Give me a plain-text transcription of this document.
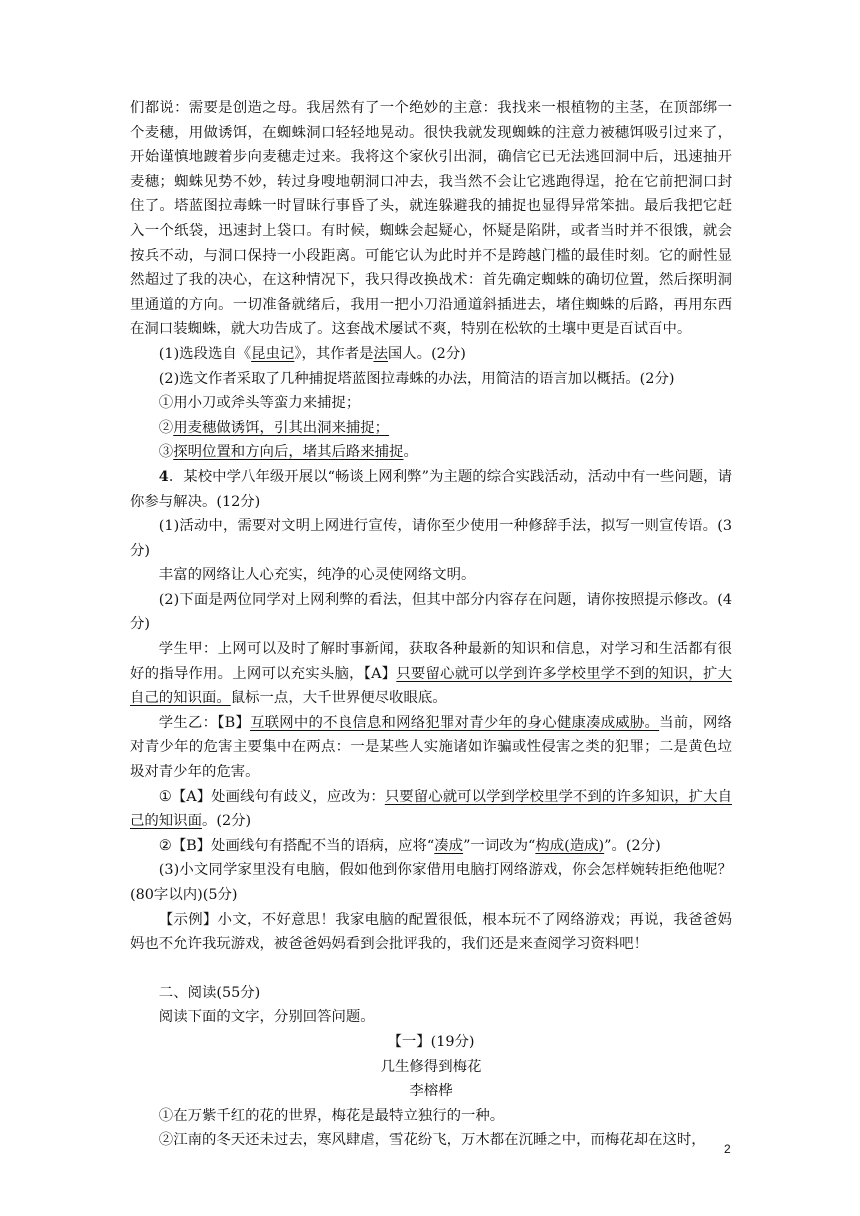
们都说：需要是创造之母。我居然有了一个绝妙的主意：我找来一根植物的主茎，在顶部绑一个麦穗，用做诱饵，在蜘蛛洞口轻轻地晃动。很快我就发现蜘蛛的注意力被穗饵吸引过来了，开始谨慎地踱着步向麦穗走过来。我将这个家伙引出洞，确信它已无法逃回洞中后，迅速抽开麦穗；蜘蛛见势不妙，转过身嗖地朝洞口冲去，我当然不会让它逃跑得逞，抢在它前把洞口封住了。塔蓝图拉毒蛛一时冒昧行事昏了头，就连躲避我的捕捉也显得异常笨拙。最后我把它赶入一个纸袋，迅速封上袋口。有时候，蜘蛛会起疑心，怀疑是陷阱，或者当时并不很饿，就会按兵不动，与洞口保持一小段距离。可能它认为此时并不是跨越门槛的最佳时刻。它的耐性显然超过了我的决心，在这种情况下，我只得改换战术：首先确定蜘蛛的确切位置，然后探明洞里通道的方向。一切准备就绪后，我用一把小刀沿通道斜插进去，堵住蜘蛛的后路，再用东西在洞口装蜘蛛，就大功告成了。这套战术屡试不爽，特别在松软的土壤中更是百试百中。

(1)选段选自《昆虫记》，其作者是法国人。(2分)

(2)选文作者采取了几种捕捉塔蓝图拉毒蛛的办法，用简洁的语言加以概括。(2分)

①用小刀或斧头等蛮力来捕捉；

②用麦穗做诱饵，引其出洞来捕捉；

③探明位置和方向后，堵其后路来捕捉。

4．某校中学八年级开展以“畅谈上网利弊”为主题的综合实践活动，活动中有一些问题，请你参与解决。(12分)

(1)活动中，需要对文明上网进行宣传，请你至少使用一种修辞手法，拟写一则宣传语。(3分)

丰富的网络让人心充实，纯净的心灵使网络文明。

(2)下面是两位同学对上网利弊的看法，但其中部分内容存在问题，请你按照提示修改。(4分)

学生甲：上网可以及时了解时事新闻，获取各种最新的知识和信息，对学习和生活都有很好的指导作用。上网可以充实头脑，【A】只要留心就可以学到许多学校里学不到的知识，扩大自己的知识面。鼠标一点，大千世界便尽收眼底。

学生乙：【B】互联网中的不良信息和网络犯罪对青少年的身心健康凑成威胁。当前，网络对青少年的危害主要集中在两点：一是某些人实施诸如诈骗或性侵害之类的犯罪；二是黄色垃圾对青少年的危害。

①【A】处画线句有歧义，应改为：只要留心就可以学到学校里学不到的许多知识，扩大自己的知识面。(2分)

②【B】处画线句有搭配不当的语病，应将“凑成”一词改为“构成(造成)”。(2分)

(3)小文同学家里没有电脑，假如他到你家借用电脑打网络游戏，你会怎样婉转拒绝他呢？(80字以内)(5分)

【示例】小文，不好意思！我家电脑的配置很低，根本玩不了网络游戏；再说，我爸爸妈妈也不允许我玩游戏，被爸爸妈妈看到会批评我的，我们还是来查阅学习资料吧！

二、阅读(55分)

阅读下面的文字，分别回答问题。

【一】(19分)

几生修得到梅花

李榕桦

①在万紫千红的花的世界，梅花是最特立独行的一种。

②江南的冬天还未过去，寒风肆虐，雪花纷飞，万木都在沉睡之中，而梅花却在这时，

2
